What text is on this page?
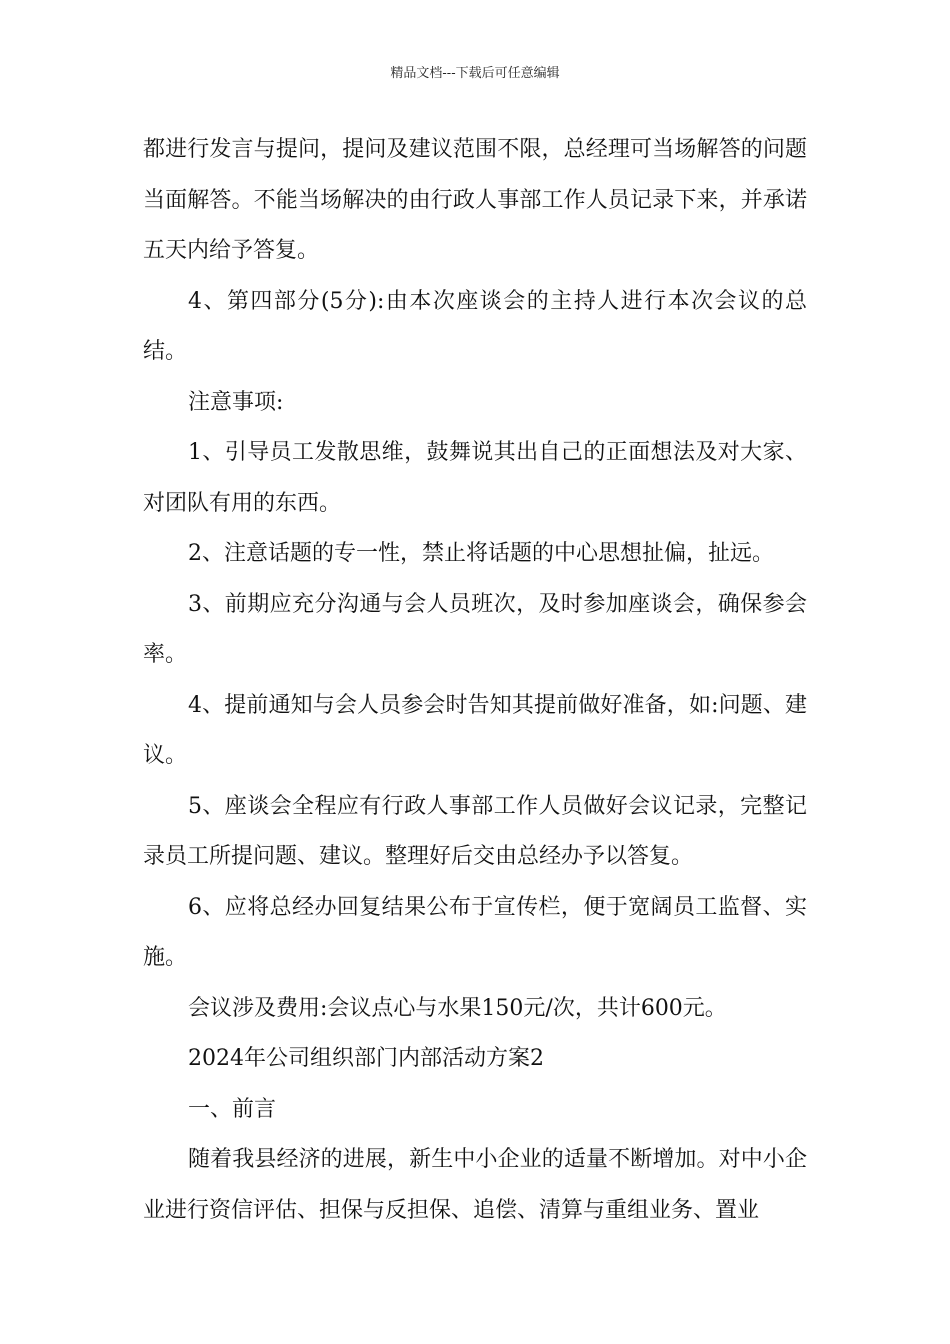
精品文档---下载后可任意编辑

都进行发言与提问，提问及建议范围不限，总经理可当场解答的问题当面解答。不能当场解决的由行政人事部工作人员记录下来，并承诺五天内给予答复。

4、第四部分(5分):由本次座谈会的主持人进行本次会议的总结。

注意事项:

1、引导员工发散思维，鼓舞说其出自己的正面想法及对大家、对团队有用的东西。

2、注意话题的专一性，禁止将话题的中心思想扯偏，扯远。

3、前期应充分沟通与会人员班次，及时参加座谈会，确保参会率。

4、提前通知与会人员参会时告知其提前做好准备，如:问题、建议。

5、座谈会全程应有行政人事部工作人员做好会议记录，完整记录员工所提问题、建议。整理好后交由总经办予以答复。

6、应将总经办回复结果公布于宣传栏，便于宽阔员工监督、实施。

会议涉及费用:会议点心与水果150元/次，共计600元。

2024年公司组织部门内部活动方案2

一、前言

随着我县经济的进展，新生中小企业的适量不断增加。对中小企业进行资信评估、担保与反担保、追偿、清算与重组业务、置业
